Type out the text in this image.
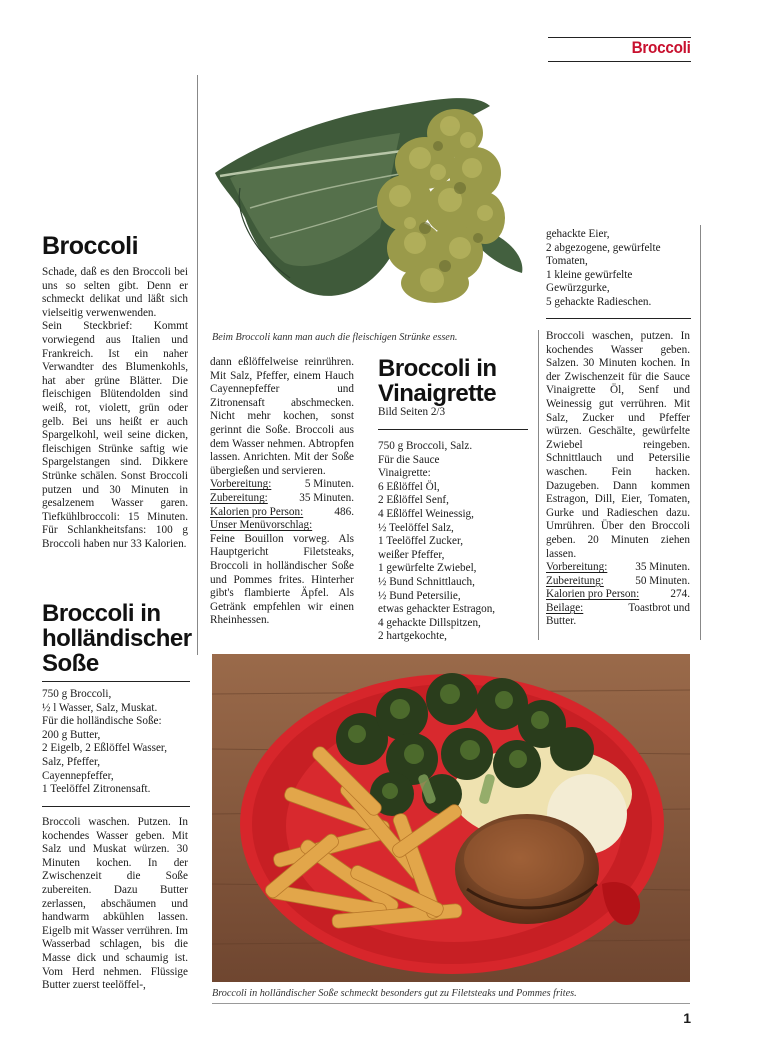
Broccoli
Beim Broccoli kann man auch die fleischigen Strünke essen.
Broccoli

Schade, daß es den Broccoli bei uns so selten gibt. Denn er schmeckt delikat und läßt sich vielseitig verwenwenden.

Sein Steckbrief: Kommt vorwiegend aus Italien und Frankreich. Ist ein naher Verwandter des Blumenkohls, hat aber grüne Blätter. Die fleischigen Blütendolden sind weiß, rot, violett, grün oder gelb. Bei uns heißt er auch Spargelkohl, weil seine dicken, fleischigen Strünke saftig wie Spargelstangen sind. Dikkere Strünke schälen. Sonst Broccoli putzen und 30 Minuten in gesalzenem Wasser garen. Tiefkühlbroccoli: 15 Minuten. Für Schlankheitsfans: 100 g Broccoli haben nur 33 Kalorien.

Broccoli in
holländischer
Soße
750 g Broccoli,
½ l Wasser, Salz, Muskat.
Für die holländische Soße:
200 g Butter,
2 Eigelb, 2 Eßlöffel Wasser,
Salz, Pfeffer,
Cayennepfeffer,
1 Teelöffel Zitronensaft.
Broccoli waschen. Putzen. In kochendes Wasser geben. Mit Salz und Muskat würzen. 30 Minuten kochen. In der Zwischenzeit die Soße zubereiten. Dazu Butter zerlassen, abschäumen und handwarm abkühlen lassen. Eigelb mit Wasser verrühren. Im Wasserbad schlagen, bis die Masse dick und schaumig ist. Vom Herd nehmen. Flüssige Butter zuerst teelöffel-,

dann eßlöffelweise reinrühren. Mit Salz, Pfeffer, einem Hauch Cayennepfeffer und Zitronensaft abschmecken. Nicht mehr kochen, sonst gerinnt die Soße. Broccoli aus dem Wasser nehmen. Abtropfen lassen. Anrichten. Mit der Soße übergießen und servieren.

Vorbereitung:	5 Minuten.
Zubereitung:	35 Minuten.
Kalorien pro Person:	486.
Unser Menüvorschlag:

Feine Bouillon vorweg. Als Hauptgericht Filetsteaks, Broccoli in holländischer Soße und Pommes frites. Hinterher gibt's flambierte Äpfel. Als Getränk empfehlen wir einen Rheinhessen.

Broccoli in
Vinaigrette
Bild Seiten 2/3
750 g Broccoli, Salz.
Für die Sauce
Vinaigrette:
6 Eßlöffel Öl,
2 Eßlöffel Senf,
4 Eßlöffel Weinessig,
½ Teelöffel Salz,
1 Teelöffel Zucker,
weißer Pfeffer,
1 gewürfelte Zwiebel,
½ Bund Schnittlauch,
½ Bund Petersilie,
etwas gehackter Estragon,
4 gehackte Dillspitzen,
2 hartgekochte,
gehackte Eier,
2 abgezogene, gewürfelte
Tomaten,
1 kleine gewürfelte
Gewürzgurke,
5 gehackte Radieschen.

Broccoli waschen, putzen. In kochendes Wasser geben. Salzen. 30 Minuten kochen. In der Zwischenzeit für die Sauce Vinaigrette Öl, Senf und Weinessig gut verrühren. Mit Salz, Zucker und Pfeffer würzen. Geschälte, gewürfelte Zwiebel reingeben. Schnittlauch und Petersilie waschen. Fein hacken. Dazugeben. Dann kommen Estragon, Dill, Eier, Tomaten, Gurke und Radieschen dazu. Umrühren. Über den Broccoli geben. 20 Minuten ziehen lassen.

Vorbereitung: 35 Minuten.
Zubereitung:	50 Minuten.
Kalorien pro Person:	274.
Beilage:	Toastbrot und
Butter.
Broccoli in holländischer Soße schmeckt besonders gut zu Filetsteaks und Pommes frites.
1
